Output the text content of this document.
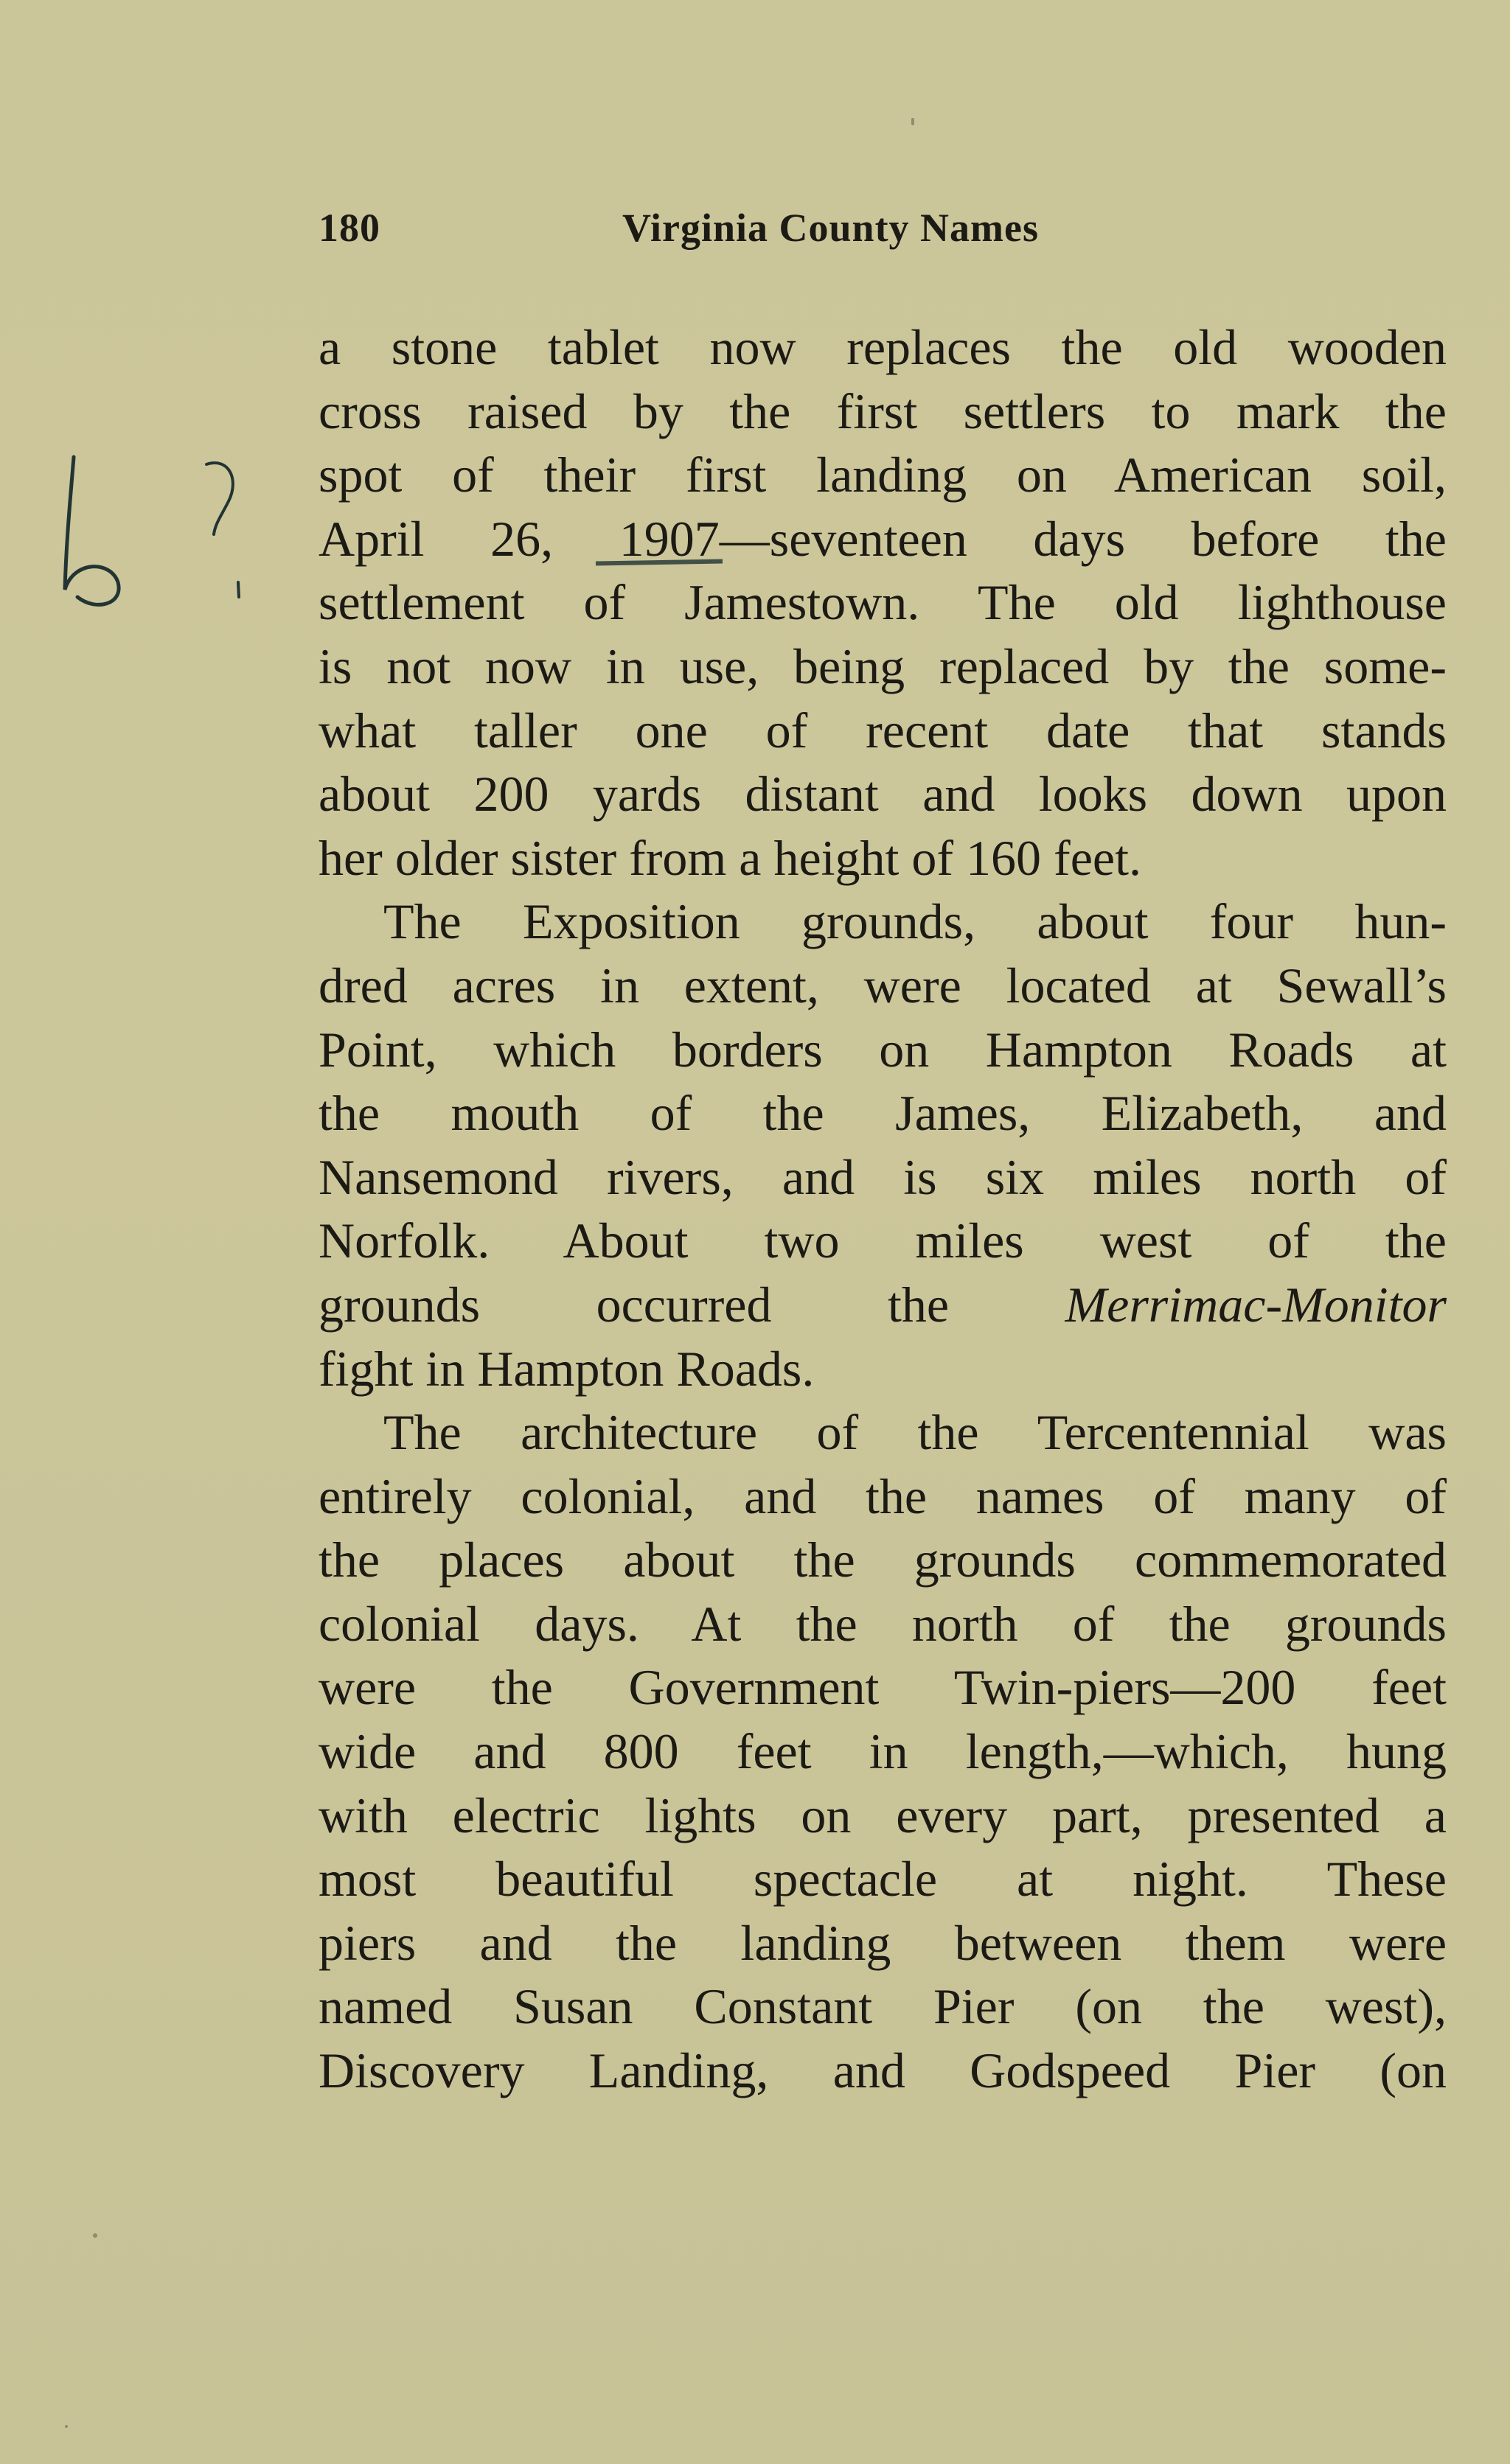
180	Virginia County Names
a stone tablet now replaces the old wooden
cross raised by the first settlers to mark the
spot of their first landing on American soil,
April 26, 1907—seventeen days before the
settlement of Jamestown. The old lighthouse
is not now in use, being replaced by the some-
what taller one of recent date that stands
about 200 yards distant and looks down upon
her older sister from a height of 160 feet.
The Exposition grounds, about four hun-
dred acres in extent, were located at Sewall’s
Point, which borders on Hampton Roads at
the mouth of the James, Elizabeth, and
Nansemond rivers, and is six miles north of
Norfolk. About two miles west of the
grounds occurred the Merrimac-Monitor
fight in Hampton Roads.
The architecture of the Tercentennial was
entirely colonial, and the names of many of
the places about the grounds commemorated
colonial days. At the north of the grounds
were the Government Twin-piers—200 feet
wide and 800 feet in length,—which, hung
with electric lights on every part, presented a
most beautiful spectacle at night. These
piers and the landing between them were
named Susan Constant Pier (on the west),
Discovery Landing, and Godspeed Pier (on
